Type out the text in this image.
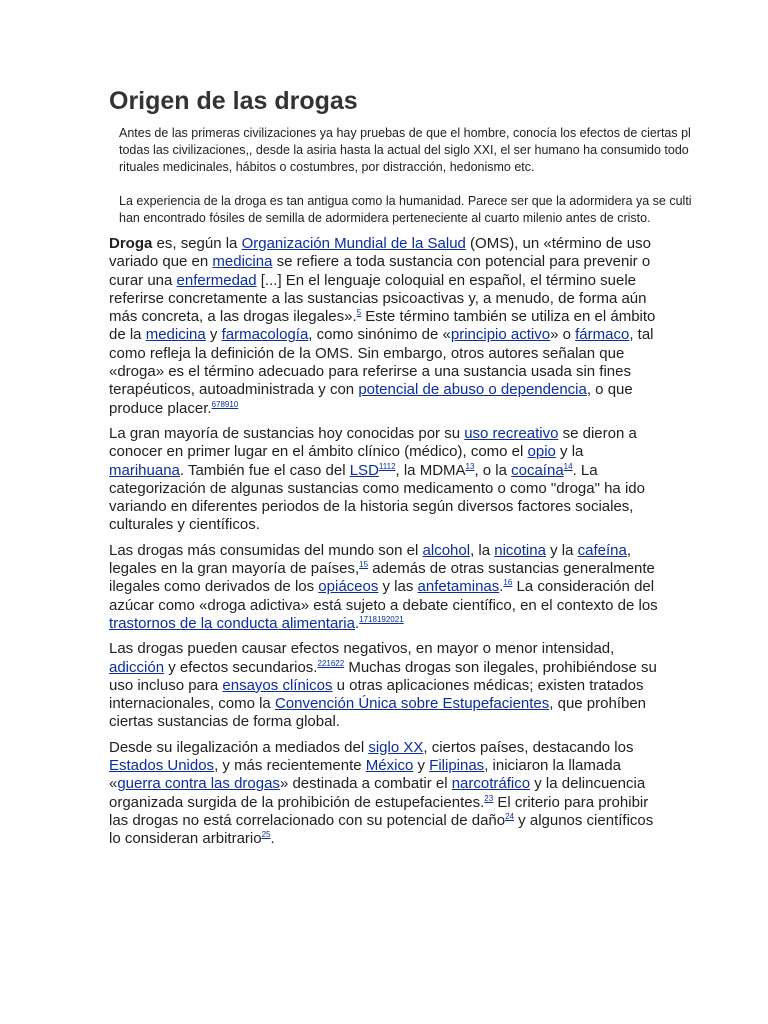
Origen de las drogas

Antes de las primeras civilizaciones ya hay pruebas de que el hombre, conocía los efectos de ciertas pl

todas las civilizaciones,, desde la asiria hasta la actual del siglo XXI, el ser humano ha consumido todo

rituales medicinales, hábitos o costumbres, por distracción, hedonismo etc.

La experiencia de la droga es tan antigua como la humanidad. Parece ser que la adormidera ya se culti

han encontrado fósiles de semilla de adormidera perteneciente al cuarto milenio antes de cristo.

Droga es, según la Organización Mundial de la Salud (OMS), un «término de uso variado que en medicina se refiere a toda sustancia con potencial para prevenir o curar una enfermedad [...] En el lenguaje coloquial en español, el término suele referirse concretamente a las sustancias psicoactivas y, a menudo, de forma aún más concreta, a las drogas ilegales».$^5$ Este término también se utiliza en el ámbito de la medicina y farmacología, como sinónimo de «principio activo» o fármaco, tal como refleja la definición de la OMS. Sin embargo, otros autores señalan que «droga» es el término adecuado para referirse a una sustancia usada sin fines terapéuticos, autoadministrada y con potencial de abuso o dependencia, o que produce placer.$^{678910}$

La gran mayoría de sustancias hoy conocidas por su uso recreativo se dieron a conocer en primer lugar en el ámbito clínico (médico), como el opio y la marihuana. También fue el caso del LSD$^{1112}$, la MDMA$^{13}$, o la cocaína$^{14}$. La categorización de algunas sustancias como medicamento o como "droga" ha ido variando en diferentes periodos de la historia según diversos factores sociales, culturales y científicos.

Las drogas más consumidas del mundo son el alcohol, la nicotina y la cafeína, legales en la gran mayoría de países,$^{15}$ además de otras sustancias generalmente ilegales como derivados de los opiáceos y las anfetaminas.$^{16}$ La consideración del azúcar como «droga adictiva» está sujeto a debate científico, en el contexto de los trastornos de la conducta alimentaria.$^{1718192021}$

Las drogas pueden causar efectos negativos, en mayor o menor intensidad, adicción y efectos secundarios.$^{221622}$ Muchas drogas son ilegales, prohibiéndose su uso incluso para ensayos clínicos u otras aplicaciones médicas; existen tratados internacionales, como la Convención Única sobre Estupefacientes, que prohíben ciertas sustancias de forma global.

Desde su ilegalización a mediados del siglo XX, ciertos países, destacando los Estados Unidos, y más recientemente México y Filipinas, iniciaron la llamada «guerra contra las drogas» destinada a combatir el narcotráfico y la delincuencia organizada surgida de la prohibición de estupefacientes.$^{23}$ El criterio para prohibir las drogas no está correlacionado con su potencial de daño$^{24}$ y algunos científicos lo consideran arbitrario$^{25}$.
